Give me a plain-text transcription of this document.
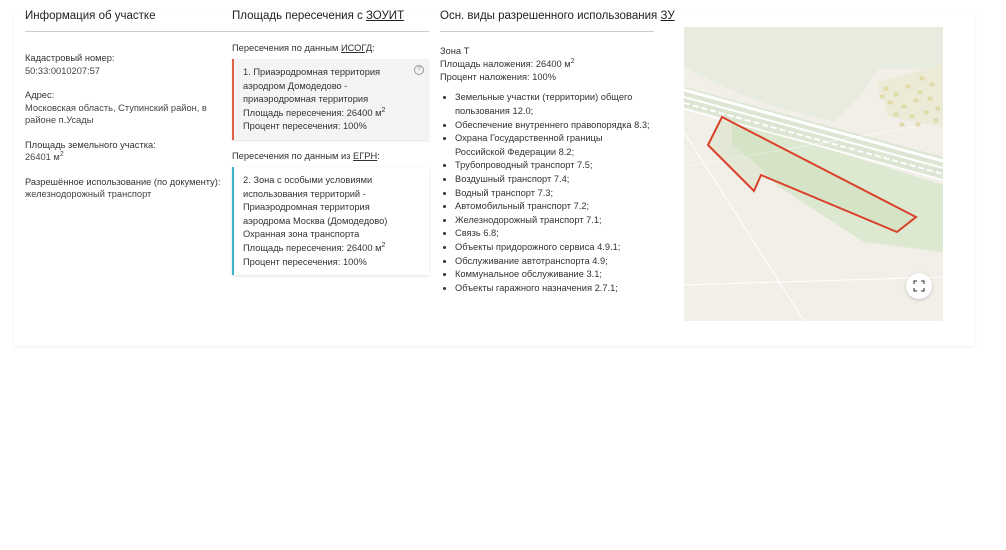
Информация об участке
Кадастровый номер:
50:33:0010207:57
Адрес:
Московская область, Ступинский район, в районе п.Усады
Площадь земельного участка:
26401 $м^2$
Разрешённое использование (по документу):
железнодорожный транспорт
Площадь пересечения с ЗОУИТ
Пересечения по данным ИСОГД:
?
1. Приаэродромная территория аэродром Домодедово - приаэродромная территория
Площадь пересечения: 26400 $м^2$
Процент пересечения: 100%
Пересечения по данным из ЕГРН:
2. Зона с особыми условиями использования территорий - Приаэродромная территория аэродрома Москва (Домодедово) Охранная зона транспорта
Площадь пересечения: 26400 $м^2$
Процент пересечения: 100%
Осн. виды разрешенного использования ЗУ
Зона Т
Площадь наложения: 26400 $м^2$
Процент наложения: 100%
• Земельные участки (территории) общего пользования 12.0;
• Обеспечение внутреннего правопорядка 8.3;
• Охрана Государственной границы Российской Федерации 8.2;
• Трубопроводный транспорт 7.5;
• Воздушный транспорт 7.4;
• Водный транспорт 7.3;
• Автомобильный транспорт 7.2;
• Железнодорожный транспорт 7.1;
• Связь 6.8;
• Объекты придорожного сервиса 4.9.1;
• Обслуживание автотранспорта 4.9;
• Коммунальное обслуживание 3.1;
• Объекты гаражного назначения 2.7.1;
